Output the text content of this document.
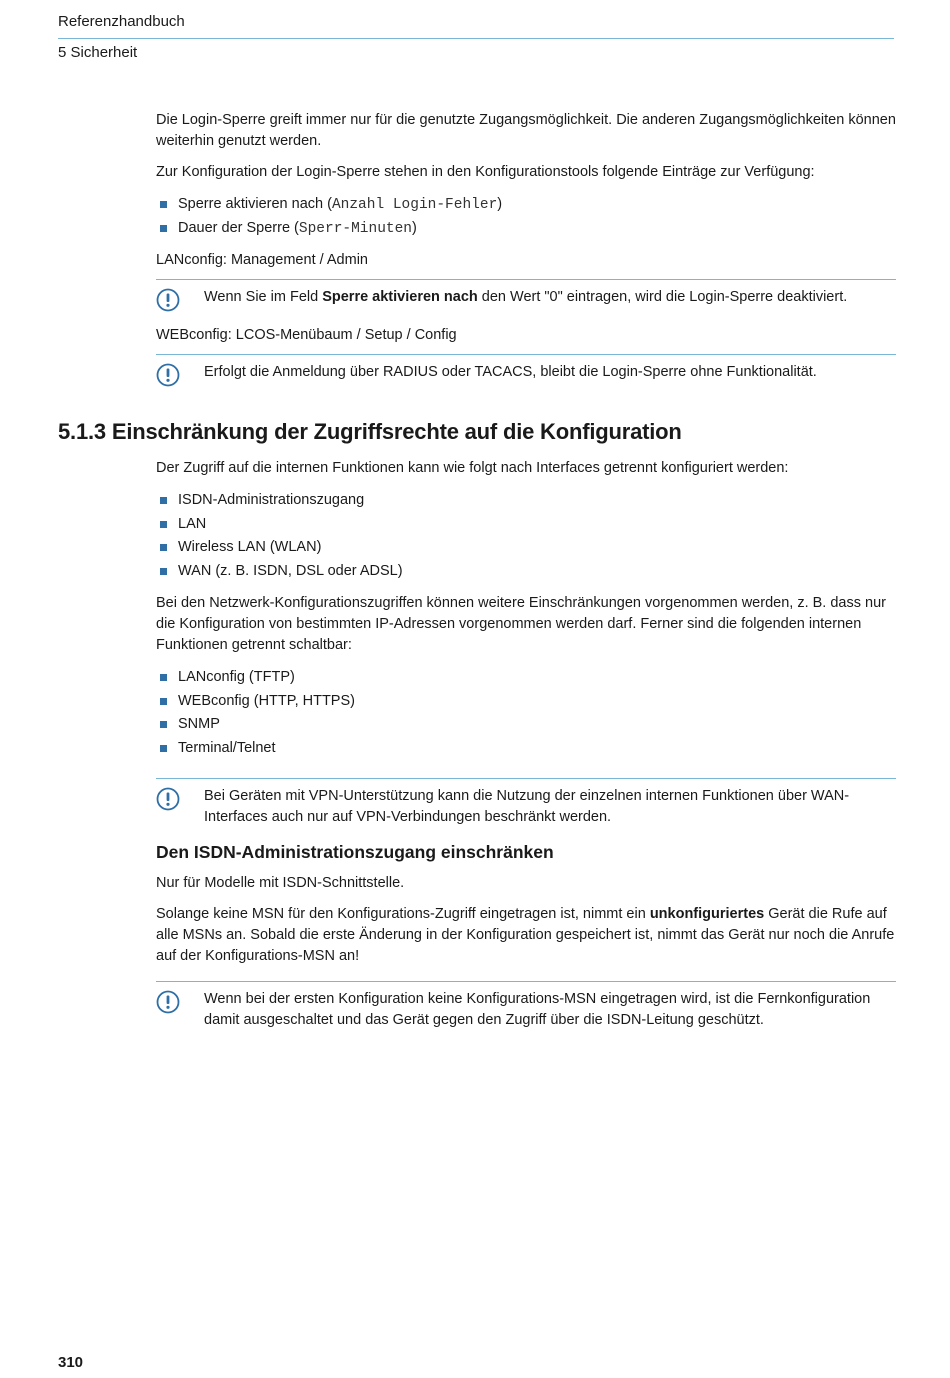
Referenzhandbuch
5 Sicherheit

Die Login-Sperre greift immer nur für die genutzte Zugangsmöglichkeit. Die anderen Zugangsmöglichkeiten können weiterhin genutzt werden.

Zur Konfiguration der Login-Sperre stehen in den Konfigurationstools folgende Einträge zur Verfügung:

Sperre aktivieren nach (Anzahl Login-Fehler)
Dauer der Sperre (Sperr-Minuten)

LANconfig: Management / Admin

Wenn Sie im Feld Sperre aktivieren nach den Wert "0" eintragen, wird die Login-Sperre deaktiviert.

WEBconfig: LCOS-Menübaum / Setup / Config

Erfolgt die Anmeldung über RADIUS oder TACACS, bleibt die Login-Sperre ohne Funktionalität.
5.1.3 Einschränkung der Zugriffsrechte auf die Konfiguration

Der Zugriff auf die internen Funktionen kann wie folgt nach Interfaces getrennt konfiguriert werden:

ISDN-Administrationszugang
LAN
Wireless LAN (WLAN)
WAN (z. B. ISDN, DSL oder ADSL)

Bei den Netzwerk-Konfigurationszugriffen können weitere Einschränkungen vorgenommen werden, z. B. dass nur die Konfiguration von bestimmten IP-Adressen vorgenommen werden darf. Ferner sind die folgenden internen Funktionen getrennt schaltbar:

LANconfig (TFTP)
WEBconfig (HTTP, HTTPS)
SNMP
Terminal/Telnet
Bei Geräten mit VPN-Unterstützung kann die Nutzung der einzelnen internen Funktionen über WAN-Interfaces auch nur auf VPN-Verbindungen beschränkt werden.
Den ISDN-Administrationszugang einschränken

Nur für Modelle mit ISDN-Schnittstelle.

Solange keine MSN für den Konfigurations-Zugriff eingetragen ist, nimmt ein unkonfiguriertes Gerät die Rufe auf alle MSNs an. Sobald die erste Änderung in der Konfiguration gespeichert ist, nimmt das Gerät nur noch die Anrufe auf der Konfigurations-MSN an!

Wenn bei der ersten Konfiguration keine Konfigurations-MSN eingetragen wird, ist die Fernkonfiguration damit ausgeschaltet und das Gerät gegen den Zugriff über die ISDN-Leitung geschützt.
310
